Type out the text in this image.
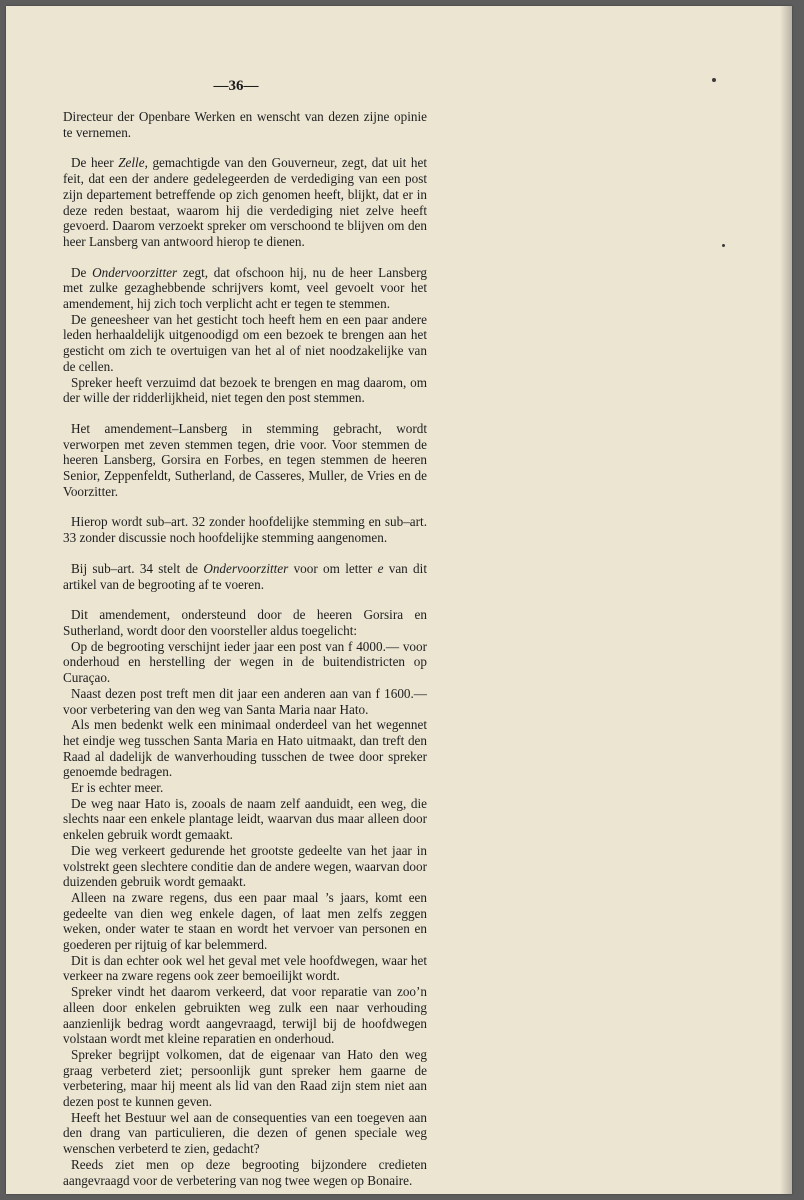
—36—

Directeur der Openbare Werken en wenscht van dezen zijne opinie te vernemen.

De heer Zelle, gemachtigde van den Gouverneur, zegt, dat uit het feit, dat een der andere gedelegeerden de verdediging van een post zijn departement betreffende op zich genomen heeft, blijkt, dat er in deze reden bestaat, waarom hij die verdediging niet zelve heeft gevoerd. Daarom verzoekt spreker om verschoond te blijven om den heer Lansberg van antwoord hierop te dienen.

De Ondervoorzitter zegt, dat ofschoon hij, nu de heer Lansberg met zulke gezaghebbende schrijvers komt, veel gevoelt voor het amendement, hij zich toch verplicht acht er tegen te stemmen.

De geneesheer van het gesticht toch heeft hem en een paar andere leden herhaaldelijk uitgenoodigd om een bezoek te brengen aan het gesticht om zich te overtuigen van het al of niet noodzakelijke van de cellen.

Spreker heeft verzuimd dat bezoek te brengen en mag daarom, om der wille der ridderlijkheid, niet tegen den post stemmen.

Het amendement–Lansberg in stemming gebracht, wordt verworpen met zeven stemmen tegen, drie voor. Voor stemmen de heeren Lansberg, Gorsira en Forbes, en tegen stemmen de heeren Senior, Zeppenfeldt, Sutherland, de Casseres, Muller, de Vries en de Voorzitter.

Hierop wordt sub–art. 32 zonder hoofdelijke stemming en sub–art. 33 zonder discussie noch hoofdelijke stemming aangenomen.

Bij sub–art. 34 stelt de Ondervoorzitter voor om letter e van dit artikel van de begrooting af te voeren.

Dit amendement, ondersteund door de heeren Gorsira en Sutherland, wordt door den voorsteller aldus toegelicht:

Op de begrooting verschijnt ieder jaar een post van f 4000.— voor onderhoud en herstelling der wegen in de buitendistricten op Curaçao.

Naast dezen post treft men dit jaar een anderen aan van f 1600.— voor verbetering van den weg van Santa Maria naar Hato.

Als men bedenkt welk een minimaal onderdeel van het wegennet het eindje weg tusschen Santa Maria en Hato uitmaakt, dan treft den Raad al dadelijk de wanverhouding tusschen de twee door spreker genoemde bedragen.

Er is echter meer.

De weg naar Hato is, zooals de naam zelf aanduidt, een weg, die slechts naar een enkele plantage leidt, waarvan dus maar alleen door enkelen gebruik wordt gemaakt.

Die weg verkeert gedurende het grootste gedeelte van het jaar in volstrekt geen slechtere conditie dan de andere wegen, waarvan door duizenden gebruik wordt gemaakt.

Alleen na zware regens, dus een paar maal ’s jaars, komt een gedeelte van dien weg enkele dagen, of laat men zelfs zeggen weken, onder water te staan en wordt het vervoer van personen en goederen per rijtuig of kar belemmerd.

Dit is dan echter ook wel het geval met vele hoofdwegen, waar het verkeer na zware regens ook zeer bemoeilijkt wordt.

Spreker vindt het daarom verkeerd, dat voor reparatie van zoo’n alleen door enkelen gebruikten weg zulk een naar verhouding aanzienlijk bedrag wordt aangevraagd, terwijl bij de hoofdwegen volstaan wordt met kleine reparatien en onderhoud.

Spreker begrijpt volkomen, dat de eigenaar van Hato den weg graag verbeterd ziet; persoonlijk gunt spreker hem gaarne de verbetering, maar hij meent als lid van den Raad zijn stem niet aan dezen post te kunnen geven.

Heeft het Bestuur wel aan de consequenties van een toegeven aan den drang van particulieren, die dezen of genen speciale weg wenschen verbeterd te zien, gedacht?

Reeds ziet men op deze begrooting bijzondere credieten aangevraagd voor de verbetering van nog twee wegen op Bonaire.
